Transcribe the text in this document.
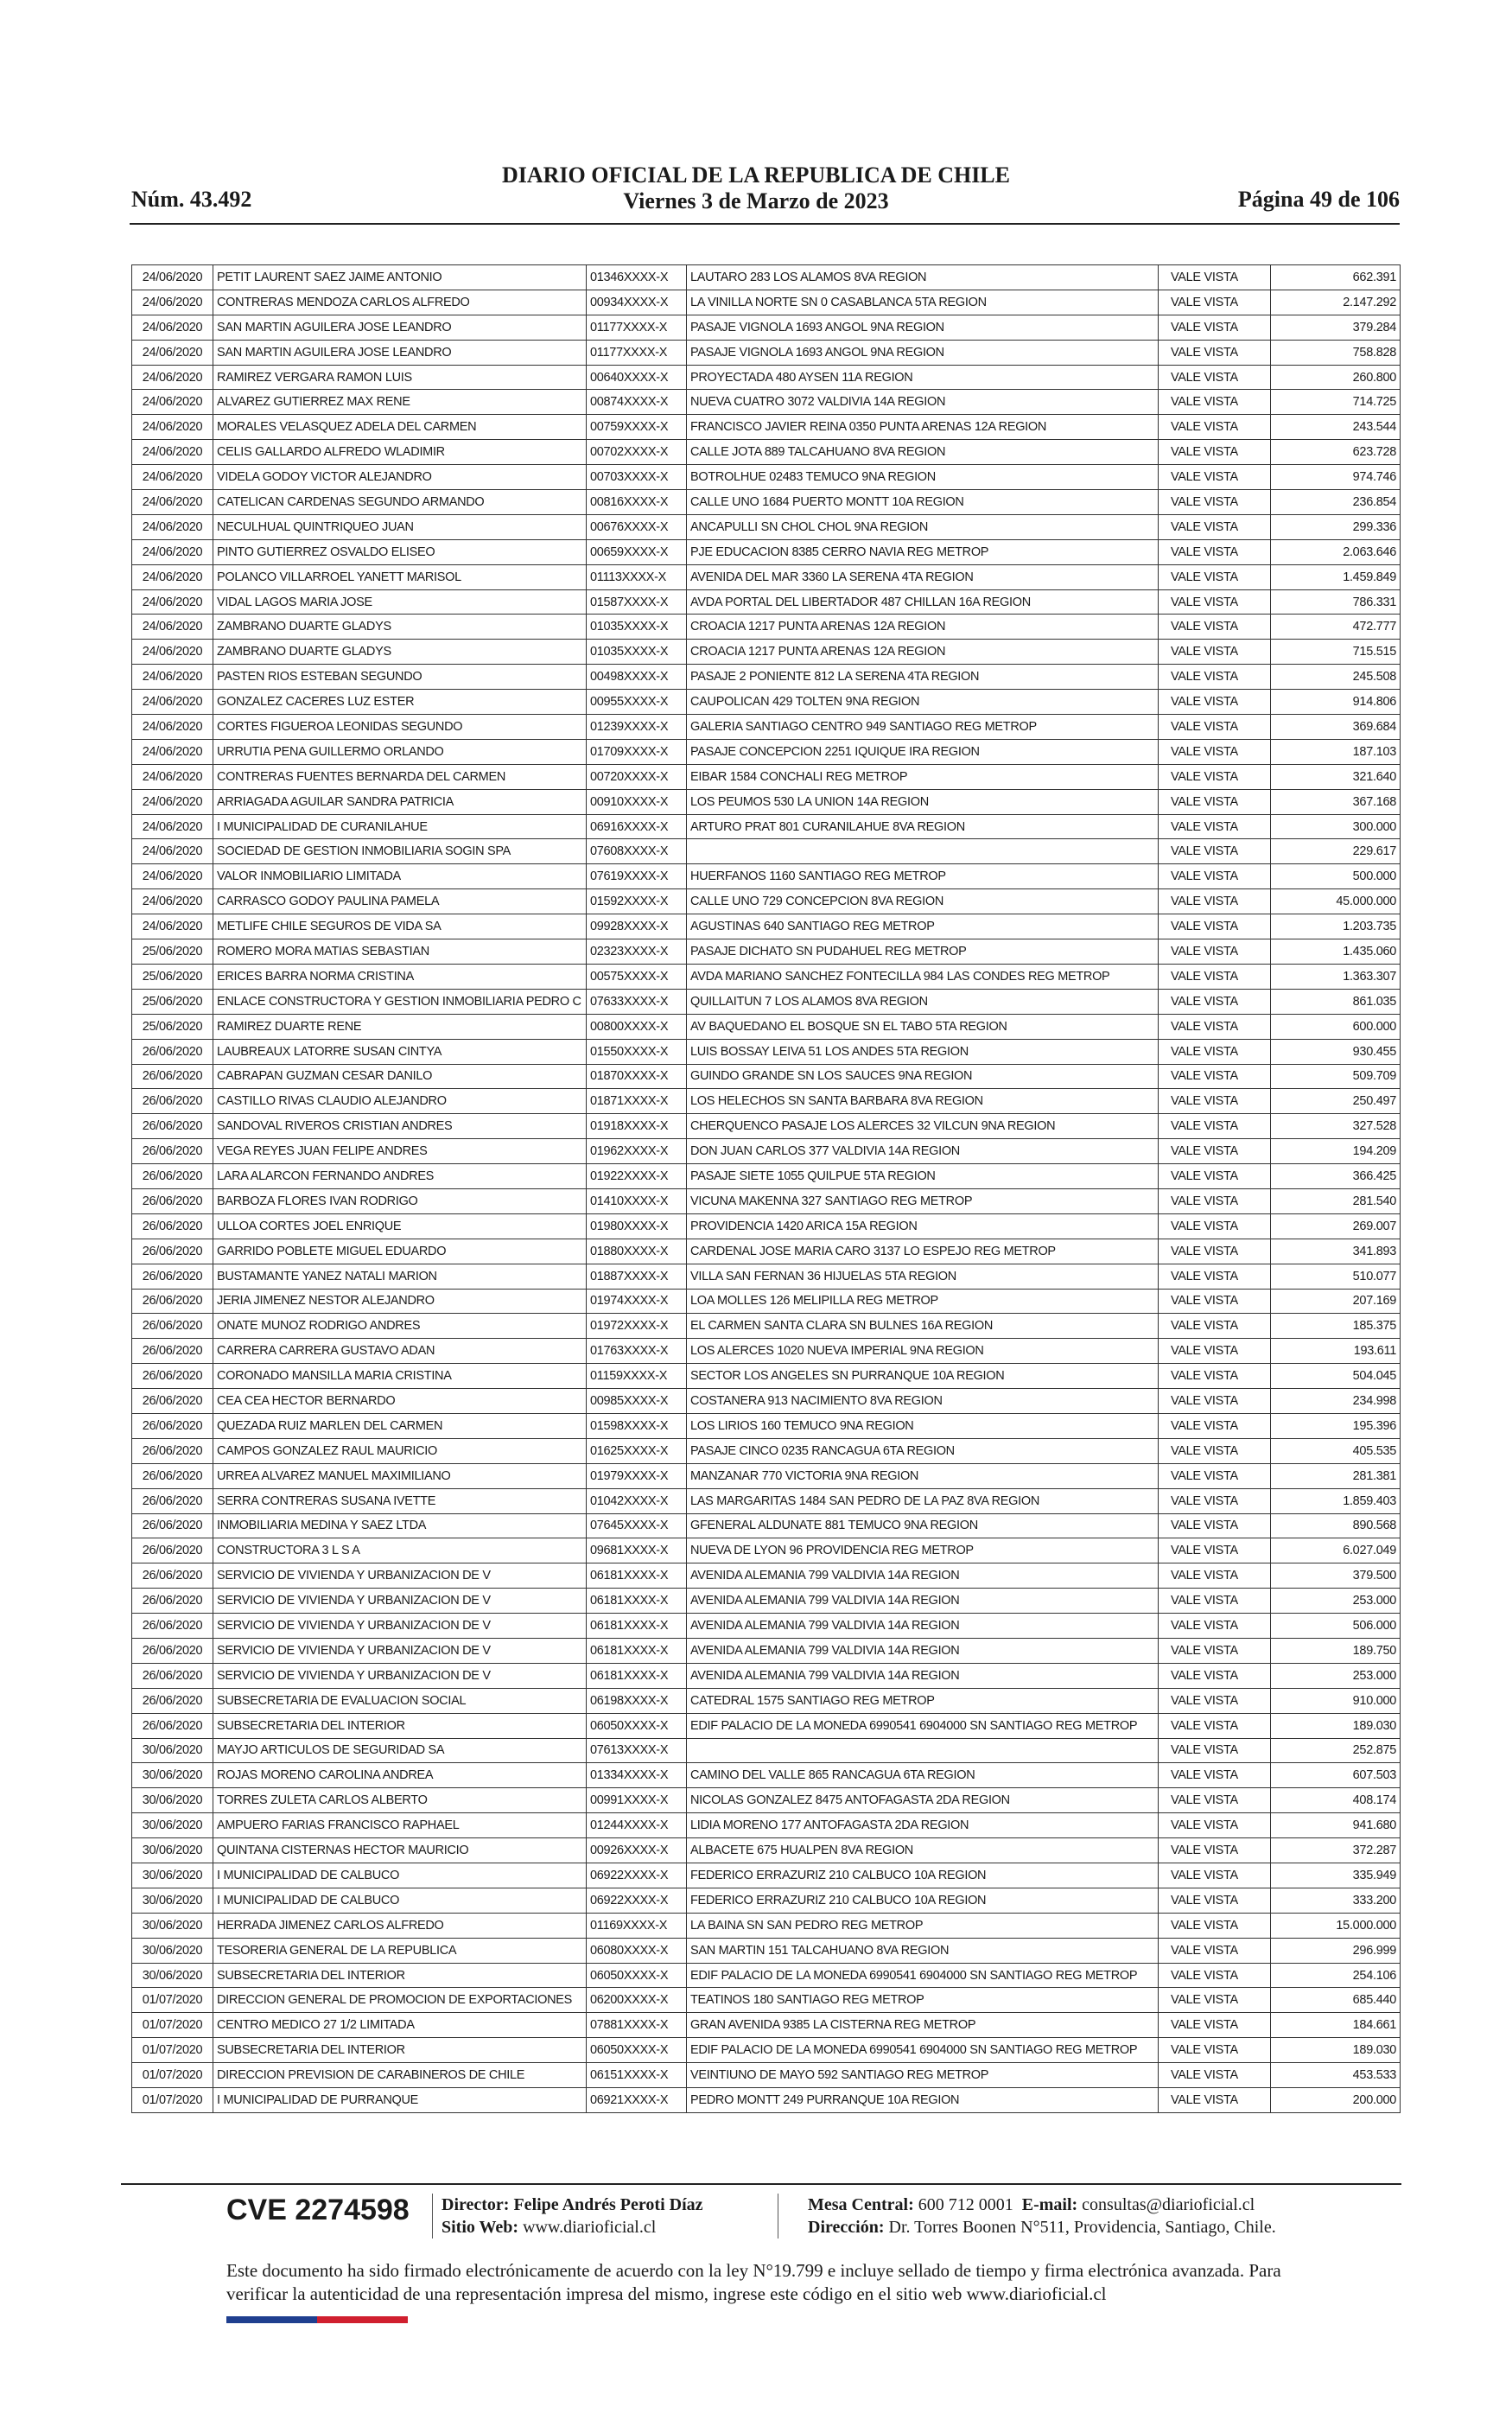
Núm. 43.492
DIARIO OFICIAL DE LA REPUBLICA DE CHILE
Viernes 3 de Marzo de 2023	Página 49 de 106
24/06/2020	PETIT LAURENT SAEZ JAIME ANTONIO	01346XXXX-X	LAUTARO 283 LOS ALAMOS 8VA REGION	VALE VISTA	662.391
24/06/2020	CONTRERAS MENDOZA CARLOS ALFREDO	00934XXXX-X	LA VINILLA NORTE SN 0 CASABLANCA 5TA REGION	VALE VISTA	2.147.292
24/06/2020	SAN MARTIN AGUILERA JOSE LEANDRO	01177XXXX-X	PASAJE VIGNOLA 1693 ANGOL 9NA REGION	VALE VISTA	379.284
24/06/2020	SAN MARTIN AGUILERA JOSE LEANDRO	01177XXXX-X	PASAJE VIGNOLA 1693 ANGOL 9NA REGION	VALE VISTA	758.828
24/06/2020	RAMIREZ VERGARA RAMON LUIS	00640XXXX-X	PROYECTADA 480 AYSEN 11A REGION	VALE VISTA	260.800
24/06/2020	ALVAREZ GUTIERREZ MAX RENE	00874XXXX-X	NUEVA CUATRO 3072 VALDIVIA 14A REGION	VALE VISTA	714.725
24/06/2020	MORALES VELASQUEZ ADELA DEL CARMEN	00759XXXX-X	FRANCISCO JAVIER REINA 0350 PUNTA ARENAS 12A REGION	VALE VISTA	243.544
24/06/2020	CELIS GALLARDO ALFREDO WLADIMIR	00702XXXX-X	CALLE JOTA 889 TALCAHUANO 8VA REGION	VALE VISTA	623.728
24/06/2020	VIDELA GODOY VICTOR ALEJANDRO	00703XXXX-X	BOTROLHUE 02483 TEMUCO 9NA REGION	VALE VISTA	974.746
24/06/2020	CATELICAN CARDENAS SEGUNDO ARMANDO	00816XXXX-X	CALLE UNO 1684 PUERTO MONTT 10A REGION	VALE VISTA	236.854
24/06/2020	NECULHUAL QUINTRIQUEO JUAN	00676XXXX-X	ANCAPULLI SN CHOL CHOL 9NA REGION	VALE VISTA	299.336
24/06/2020	PINTO GUTIERREZ OSVALDO ELISEO	00659XXXX-X	PJE EDUCACION 8385 CERRO NAVIA REG METROP	VALE VISTA	2.063.646
24/06/2020	POLANCO VILLARROEL YANETT MARISOL	01113XXXX-X	AVENIDA DEL MAR 3360 LA SERENA 4TA REGION	VALE VISTA	1.459.849
24/06/2020	VIDAL LAGOS MARIA JOSE	01587XXXX-X	AVDA PORTAL DEL LIBERTADOR 487 CHILLAN 16A REGION	VALE VISTA	786.331
24/06/2020	ZAMBRANO DUARTE GLADYS	01035XXXX-X	CROACIA 1217 PUNTA ARENAS 12A REGION	VALE VISTA	472.777
24/06/2020	ZAMBRANO DUARTE GLADYS	01035XXXX-X	CROACIA 1217 PUNTA ARENAS 12A REGION	VALE VISTA	715.515
24/06/2020	PASTEN RIOS ESTEBAN SEGUNDO	00498XXXX-X	PASAJE 2 PONIENTE 812 LA SERENA 4TA REGION	VALE VISTA	245.508
24/06/2020	GONZALEZ CACERES LUZ ESTER	00955XXXX-X	CAUPOLICAN 429 TOLTEN 9NA REGION	VALE VISTA	914.806
24/06/2020	CORTES FIGUEROA LEONIDAS SEGUNDO	01239XXXX-X	GALERIA SANTIAGO CENTRO 949 SANTIAGO REG METROP	VALE VISTA	369.684
24/06/2020	URRUTIA PENA GUILLERMO ORLANDO	01709XXXX-X	PASAJE CONCEPCION 2251 IQUIQUE IRA REGION	VALE VISTA	187.103
24/06/2020	CONTRERAS FUENTES BERNARDA DEL CARMEN	00720XXXX-X	EIBAR 1584 CONCHALI REG METROP	VALE VISTA	321.640
24/06/2020	ARRIAGADA AGUILAR SANDRA PATRICIA	00910XXXX-X	LOS PEUMOS 530 LA UNION 14A REGION	VALE VISTA	367.168
24/06/2020	I MUNICIPALIDAD DE CURANILAHUE	06916XXXX-X	ARTURO PRAT 801 CURANILAHUE 8VA REGION	VALE VISTA	300.000
24/06/2020	SOCIEDAD DE GESTION INMOBILIARIA SOGIN SPA	07608XXXX-X		VALE VISTA	229.617
24/06/2020	VALOR INMOBILIARIO LIMITADA	07619XXXX-X	HUERFANOS 1160 SANTIAGO REG METROP	VALE VISTA	500.000
24/06/2020	CARRASCO GODOY PAULINA PAMELA	01592XXXX-X	CALLE UNO 729 CONCEPCION 8VA REGION	VALE VISTA	45.000.000
24/06/2020	METLIFE CHILE SEGUROS DE VIDA SA	09928XXXX-X	AGUSTINAS 640 SANTIAGO REG METROP	VALE VISTA	1.203.735
25/06/2020	ROMERO MORA MATIAS SEBASTIAN	02323XXXX-X	PASAJE DICHATO SN PUDAHUEL REG METROP	VALE VISTA	1.435.060
25/06/2020	ERICES BARRA NORMA CRISTINA	00575XXXX-X	AVDA MARIANO SANCHEZ FONTECILLA 984 LAS CONDES REG METROP	VALE VISTA	1.363.307
25/06/2020	ENLACE CONSTRUCTORA Y GESTION INMOBILIARIA PEDRO C	07633XXXX-X	QUILLAITUN 7 LOS ALAMOS 8VA REGION	VALE VISTA	861.035
25/06/2020	RAMIREZ DUARTE RENE	00800XXXX-X	AV BAQUEDANO EL BOSQUE SN EL TABO 5TA REGION	VALE VISTA	600.000
26/06/2020	LAUBREAUX LATORRE SUSAN CINTYA	01550XXXX-X	LUIS BOSSAY LEIVA 51 LOS ANDES 5TA REGION	VALE VISTA	930.455
26/06/2020	CABRAPAN GUZMAN CESAR DANILO	01870XXXX-X	GUINDO GRANDE SN LOS SAUCES 9NA REGION	VALE VISTA	509.709
26/06/2020	CASTILLO RIVAS CLAUDIO ALEJANDRO	01871XXXX-X	LOS HELECHOS SN SANTA BARBARA 8VA REGION	VALE VISTA	250.497
26/06/2020	SANDOVAL RIVEROS CRISTIAN ANDRES	01918XXXX-X	CHERQUENCO PASAJE LOS ALERCES 32 VILCUN 9NA REGION	VALE VISTA	327.528
26/06/2020	VEGA REYES JUAN FELIPE ANDRES	01962XXXX-X	DON JUAN CARLOS 377 VALDIVIA 14A REGION	VALE VISTA	194.209
26/06/2020	LARA ALARCON FERNANDO ANDRES	01922XXXX-X	PASAJE SIETE 1055 QUILPUE 5TA REGION	VALE VISTA	366.425
26/06/2020	BARBOZA FLORES IVAN RODRIGO	01410XXXX-X	VICUNA MAKENNA 327 SANTIAGO REG METROP	VALE VISTA	281.540
26/06/2020	ULLOA CORTES JOEL ENRIQUE	01980XXXX-X	PROVIDENCIA 1420 ARICA 15A REGION	VALE VISTA	269.007
26/06/2020	GARRIDO POBLETE MIGUEL EDUARDO	01880XXXX-X	CARDENAL JOSE MARIA CARO 3137 LO ESPEJO REG METROP	VALE VISTA	341.893
26/06/2020	BUSTAMANTE YANEZ NATALI MARION	01887XXXX-X	VILLA SAN FERNAN 36 HIJUELAS 5TA REGION	VALE VISTA	510.077
26/06/2020	JERIA JIMENEZ NESTOR ALEJANDRO	01974XXXX-X	LOA MOLLES 126 MELIPILLA REG METROP	VALE VISTA	207.169
26/06/2020	ONATE MUNOZ RODRIGO ANDRES	01972XXXX-X	EL CARMEN SANTA CLARA SN BULNES 16A REGION	VALE VISTA	185.375
26/06/2020	CARRERA CARRERA GUSTAVO ADAN	01763XXXX-X	LOS ALERCES 1020 NUEVA IMPERIAL 9NA REGION	VALE VISTA	193.611
26/06/2020	CORONADO MANSILLA MARIA CRISTINA	01159XXXX-X	SECTOR LOS ANGELES SN PURRANQUE 10A REGION	VALE VISTA	504.045
26/06/2020	CEA CEA HECTOR BERNARDO	00985XXXX-X	COSTANERA 913 NACIMIENTO 8VA REGION	VALE VISTA	234.998
26/06/2020	QUEZADA RUIZ MARLEN DEL CARMEN	01598XXXX-X	LOS LIRIOS 160 TEMUCO 9NA REGION	VALE VISTA	195.396
26/06/2020	CAMPOS GONZALEZ RAUL MAURICIO	01625XXXX-X	PASAJE CINCO 0235 RANCAGUA 6TA REGION	VALE VISTA	405.535
26/06/2020	URREA ALVAREZ MANUEL MAXIMILIANO	01979XXXX-X	MANZANAR 770 VICTORIA 9NA REGION	VALE VISTA	281.381
26/06/2020	SERRA CONTRERAS SUSANA IVETTE	01042XXXX-X	LAS MARGARITAS 1484 SAN PEDRO DE LA PAZ 8VA REGION	VALE VISTA	1.859.403
26/06/2020	INMOBILIARIA MEDINA Y SAEZ LTDA	07645XXXX-X	GFENERAL ALDUNATE 881 TEMUCO 9NA REGION	VALE VISTA	890.568
26/06/2020	CONSTRUCTORA 3 L S A	09681XXXX-X	NUEVA DE LYON 96 PROVIDENCIA REG METROP	VALE VISTA	6.027.049
26/06/2020	SERVICIO DE VIVIENDA Y URBANIZACION DE V	06181XXXX-X	AVENIDA ALEMANIA 799 VALDIVIA 14A REGION	VALE VISTA	379.500
26/06/2020	SERVICIO DE VIVIENDA Y URBANIZACION DE V	06181XXXX-X	AVENIDA ALEMANIA 799 VALDIVIA 14A REGION	VALE VISTA	253.000
26/06/2020	SERVICIO DE VIVIENDA Y URBANIZACION DE V	06181XXXX-X	AVENIDA ALEMANIA 799 VALDIVIA 14A REGION	VALE VISTA	506.000
26/06/2020	SERVICIO DE VIVIENDA Y URBANIZACION DE V	06181XXXX-X	AVENIDA ALEMANIA 799 VALDIVIA 14A REGION	VALE VISTA	189.750
26/06/2020	SERVICIO DE VIVIENDA Y URBANIZACION DE V	06181XXXX-X	AVENIDA ALEMANIA 799 VALDIVIA 14A REGION	VALE VISTA	253.000
26/06/2020	SUBSECRETARIA DE EVALUACION SOCIAL	06198XXXX-X	CATEDRAL 1575 SANTIAGO REG METROP	VALE VISTA	910.000
26/06/2020	SUBSECRETARIA DEL INTERIOR	06050XXXX-X	EDIF PALACIO DE LA MONEDA 6990541 6904000 SN SANTIAGO REG METROP	VALE VISTA	189.030
30/06/2020	MAYJO ARTICULOS DE SEGURIDAD SA	07613XXXX-X		VALE VISTA	252.875
30/06/2020	ROJAS MORENO CAROLINA ANDREA	01334XXXX-X	CAMINO DEL VALLE 865 RANCAGUA 6TA REGION	VALE VISTA	607.503
30/06/2020	TORRES ZULETA CARLOS ALBERTO	00991XXXX-X	NICOLAS GONZALEZ 8475 ANTOFAGASTA 2DA REGION	VALE VISTA	408.174
30/06/2020	AMPUERO FARIAS FRANCISCO RAPHAEL	01244XXXX-X	LIDIA MORENO 177 ANTOFAGASTA 2DA REGION	VALE VISTA	941.680
30/06/2020	QUINTANA CISTERNAS HECTOR MAURICIO	00926XXXX-X	ALBACETE 675 HUALPEN 8VA REGION	VALE VISTA	372.287
30/06/2020	I MUNICIPALIDAD DE CALBUCO	06922XXXX-X	FEDERICO ERRAZURIZ 210 CALBUCO 10A REGION	VALE VISTA	335.949
30/06/2020	I MUNICIPALIDAD DE CALBUCO	06922XXXX-X	FEDERICO ERRAZURIZ 210 CALBUCO 10A REGION	VALE VISTA	333.200
30/06/2020	HERRADA JIMENEZ CARLOS ALFREDO	01169XXXX-X	LA BAINA SN SAN PEDRO REG METROP	VALE VISTA	15.000.000
30/06/2020	TESORERIA GENERAL DE LA REPUBLICA	06080XXXX-X	SAN MARTIN 151 TALCAHUANO 8VA REGION	VALE VISTA	296.999
30/06/2020	SUBSECRETARIA DEL INTERIOR	06050XXXX-X	EDIF PALACIO DE LA MONEDA 6990541 6904000 SN SANTIAGO REG METROP	VALE VISTA	254.106
01/07/2020	DIRECCION GENERAL DE PROMOCION DE EXPORTACIONES	06200XXXX-X	TEATINOS 180 SANTIAGO REG METROP	VALE VISTA	685.440
01/07/2020	CENTRO MEDICO 27 1/2 LIMITADA	07881XXXX-X	GRAN AVENIDA 9385 LA CISTERNA REG METROP	VALE VISTA	184.661
01/07/2020	SUBSECRETARIA DEL INTERIOR	06050XXXX-X	EDIF PALACIO DE LA MONEDA 6990541 6904000 SN SANTIAGO REG METROP	VALE VISTA	189.030
01/07/2020	DIRECCION PREVISION DE CARABINEROS DE CHILE	06151XXXX-X	VEINTIUNO DE MAYO 592 SANTIAGO REG METROP	VALE VISTA	453.533
01/07/2020	I MUNICIPALIDAD DE PURRANQUE	06921XXXX-X	PEDRO MONTT 249 PURRANQUE 10A REGION	VALE VISTA	200.000
CVE 2274598 Director: Felipe Andrés Peroti Díaz
Sitio Web: www.diarioficial.cl
Mesa Central: 600 712 0001 E-mail: consultas@diarioficial.cl
Dirección: Dr. Torres Boonen N°511, Providencia, Santiago, Chile.
Este documento ha sido firmado electrónicamente de acuerdo con la ley N°19.799 e incluye sellado de tiempo y firma electrónica avanzada. Para verificar la autenticidad de una representación impresa del mismo, ingrese este código en el sitio web www.diarioficial.cl
